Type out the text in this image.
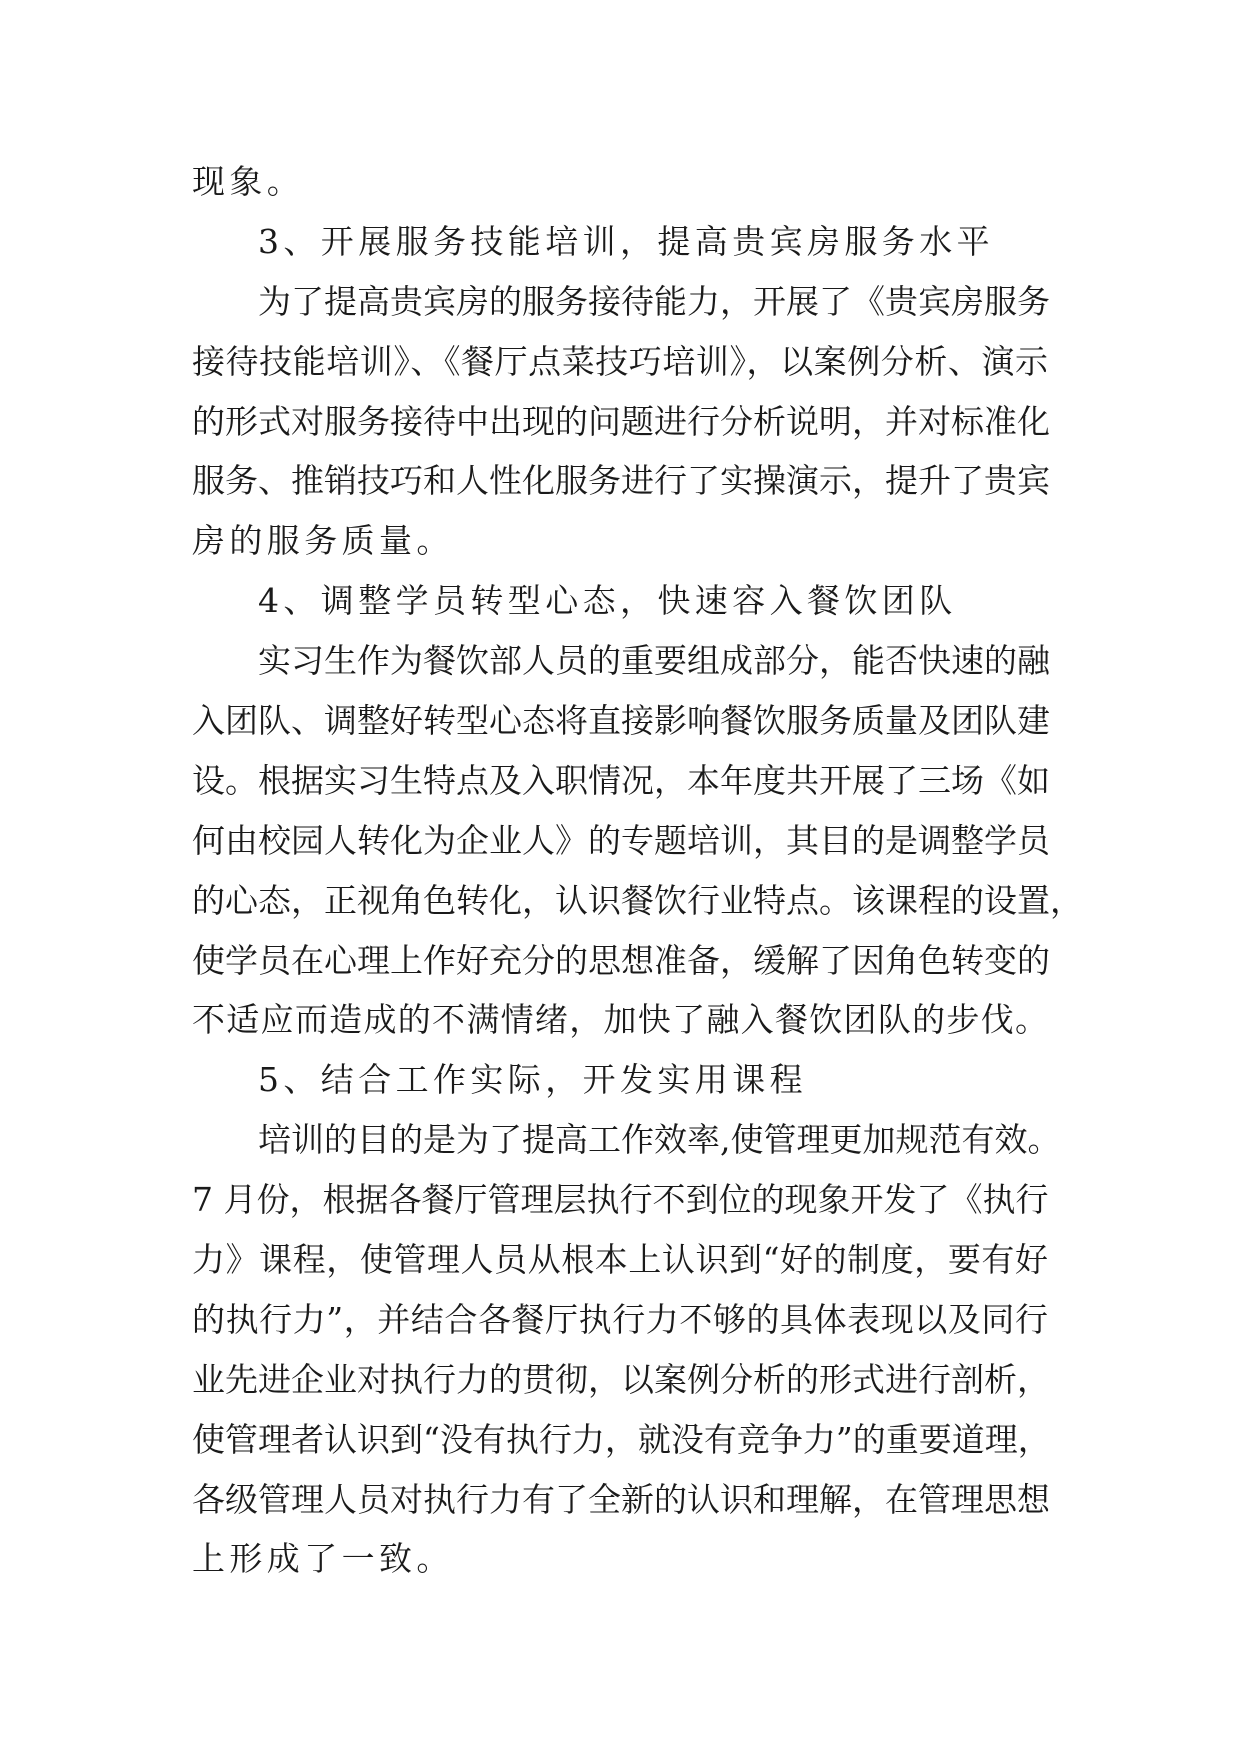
现象。
3、开展服务技能培训，提高贵宾房服务水平
为了提高贵宾房的服务接待能力，开展了《贵宾房服务
接待技能培训》、《餐厅点菜技巧培训》，以案例分析、演示
的形式对服务接待中出现的问题进行分析说明，并对标准化
服务、推销技巧和人性化服务进行了实操演示，提升了贵宾
房的服务质量。
4、调整学员转型心态，快速容入餐饮团队
实习生作为餐饮部人员的重要组成部分，能否快速的融
入团队、调整好转型心态将直接影响餐饮服务质量及团队建
设。根据实习生特点及入职情况，本年度共开展了三场《如
何由校园人转化为企业人》的专题培训，其目的是调整学员
的心态，正视角色转化，认识餐饮行业特点。该课程的设置，
使学员在心理上作好充分的思想准备，缓解了因角色转变的
不适应而造成的不满情绪，加快了融入餐饮团队的步伐。
5、结合工作实际，开发实用课程
培训的目的是为了提高工作效率,使管理更加规范有效。
7 月份，根据各餐厅管理层执行不到位的现象开发了《执行
力》课程，使管理人员从根本上认识到“好的制度，要有好
的执行力”，并结合各餐厅执行力不够的具体表现以及同行
业先进企业对执行力的贯彻，以案例分析的形式进行剖析，
使管理者认识到“没有执行力，就没有竞争力”的重要道理，
各级管理人员对执行力有了全新的认识和理解，在管理思想
上形成了一致。
